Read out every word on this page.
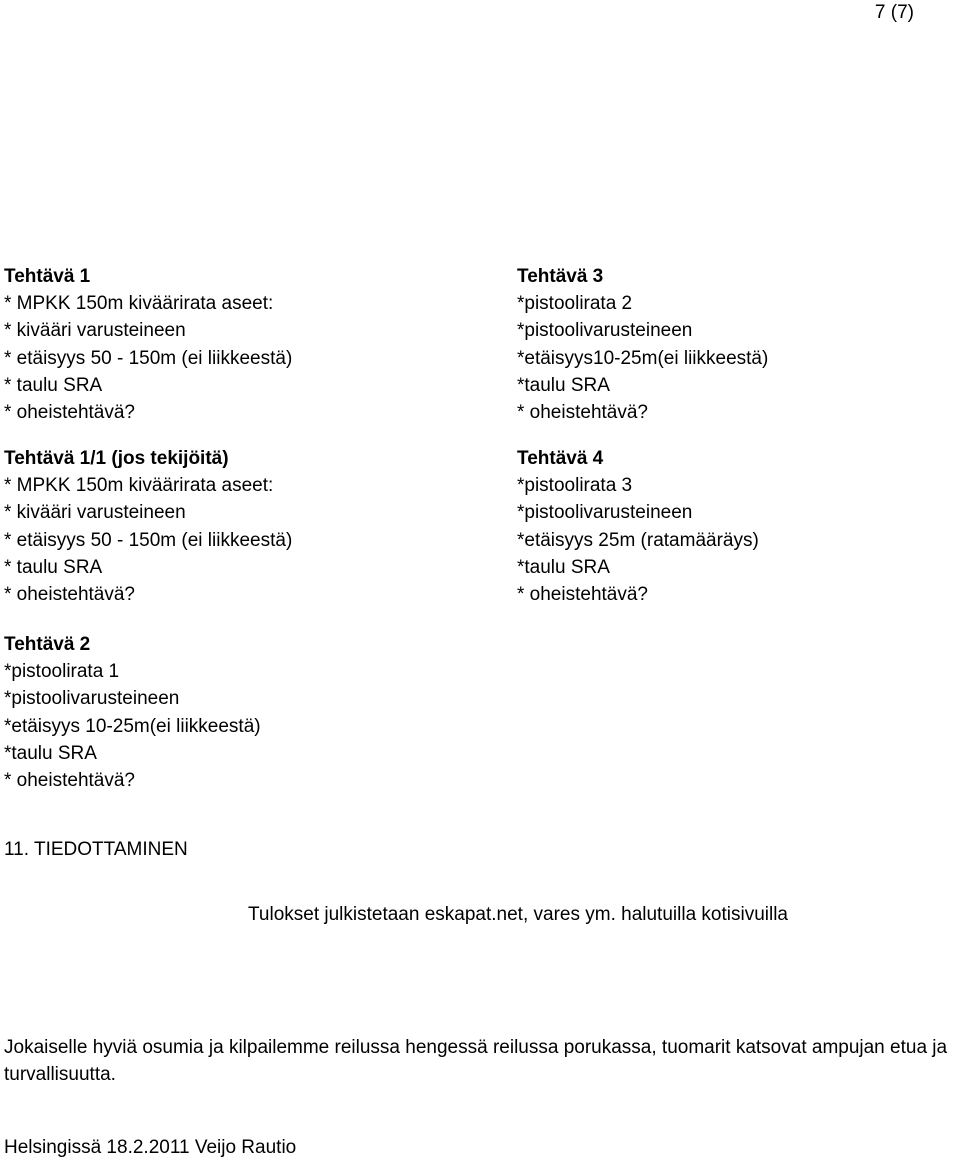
7 (7)
Tehtävä 1
* MPKK 150m kiväärirata aseet:
* kivääri varusteineen
* etäisyys 50 - 150m (ei liikkeestä)
* taulu SRA
* oheistehtävä?
Tehtävä 1/1 (jos tekijöitä)
* MPKK 150m kiväärirata aseet:
* kivääri varusteineen
* etäisyys 50 - 150m (ei liikkeestä)
* taulu SRA
* oheistehtävä?
Tehtävä 2
*pistoolirata 1
*pistoolivarusteineen
*etäisyys 10-25m(ei liikkeestä)
*taulu SRA
* oheistehtävä?
Tehtävä 3
*pistoolirata 2
*pistoolivarusteineen
*etäisyys10-25m(ei liikkeestä)
*taulu SRA
* oheistehtävä?
Tehtävä 4
*pistoolirata 3
*pistoolivarusteineen
*etäisyys 25m (ratamääräys)
*taulu SRA
* oheistehtävä?
11. TIEDOTTAMINEN
Tulokset julkistetaan eskapat.net, vares ym. halutuilla kotisivuilla
Jokaiselle hyviä osumia ja kilpailemme reilussa hengessä reilussa porukassa, tuomarit katsovat ampujan etua ja turvallisuutta.
Helsingissä 18.2.2011 Veijo Rautio
